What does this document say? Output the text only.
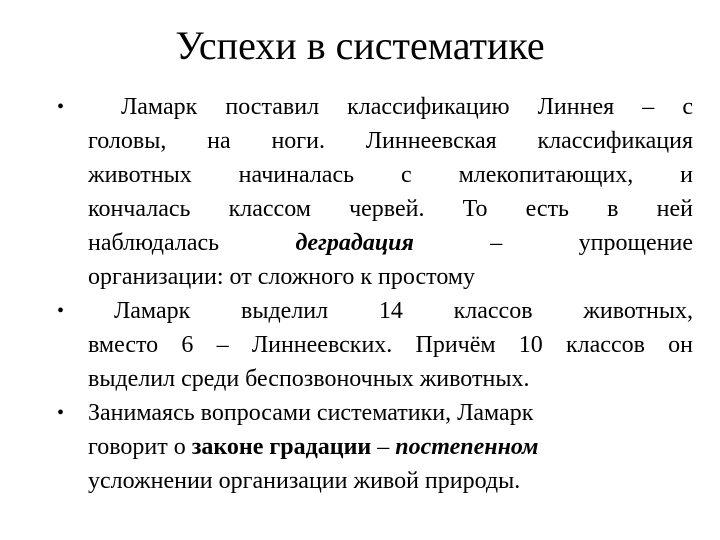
Успехи в систематике
•	Ламарк поставил классификацию Линнея – с
головы, на ноги. Линнеевская классификация
животных начиналась с млекопитающих, и
кончалась классом червей. То есть в ней
наблюдалась	деградация	– упрощение
организации: от сложного к простому
•	Ламарк выделил 14 классов животных,
вместо 6 – Линнеевских. Причём 10 классов он
выделил среди беспозвоночных животных.
• Занимаясь вопросами систематики, Ламарк
говорит о законе градации – постепенном
усложнении организации живой природы.
